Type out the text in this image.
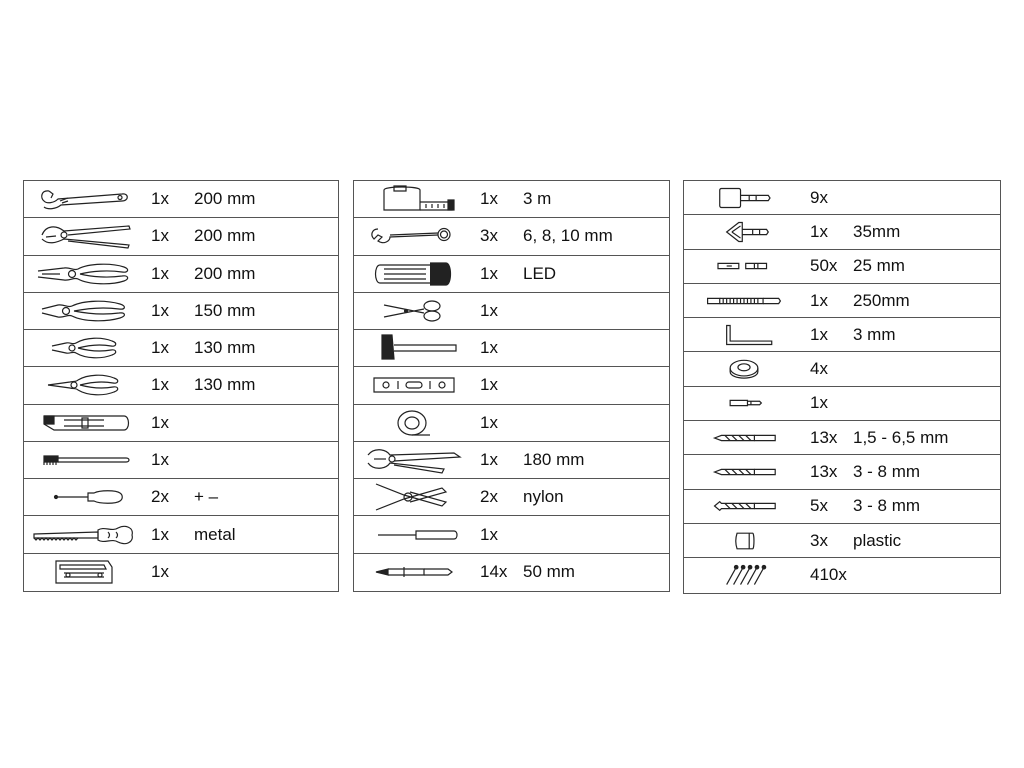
1x 200 mm
1x 200 mm
1x 200 mm
1x 150 mm
1x 130 mm
1x 130 mm
1x
1x
2x + –
1x metal
1x
1x 3 m
3x 6, 8, 10 mm
1x LED
1x
1x
1x
1x
1x 180 mm
2x nylon
1x
14x 50 mm
9x
1x 35mm
50x 25 mm
1x 250mm
1x 3 mm
4x
1x
13x 1,5 - 6,5 mm
13x 3 - 8 mm
5x 3 - 8 mm
3x plastic
410x
